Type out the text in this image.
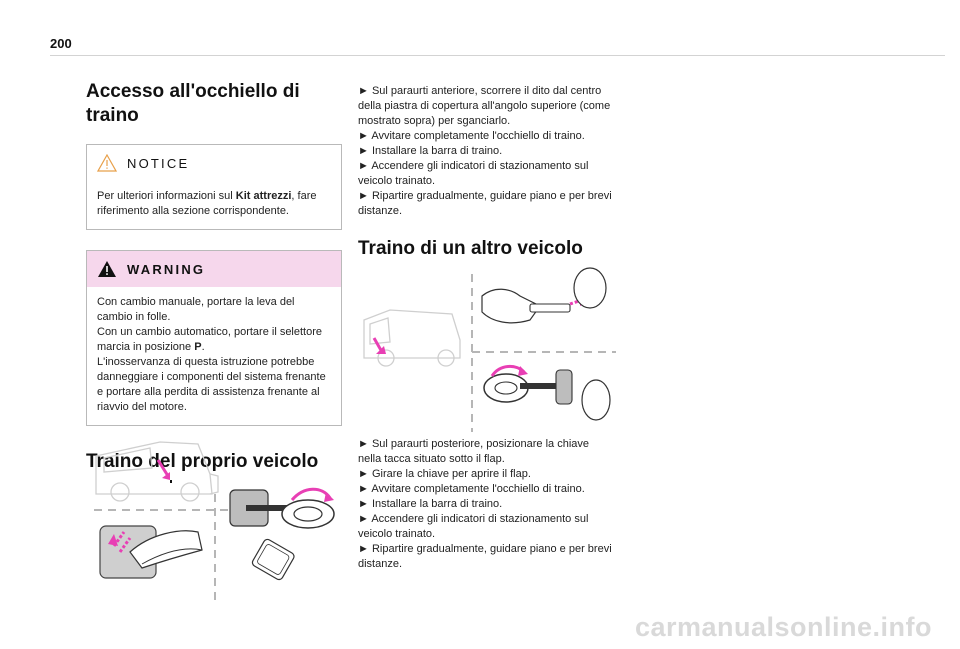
200
Accesso all'occhiello di traino
NOTICE
Per ulteriori informazioni sul Kit attrezzi, fare riferimento alla sezione corrispondente.
WARNING
Con cambio manuale, portare la leva del cambio in folle.
Con un cambio automatico, portare il selettore marcia in posizione P.
L'inosservanza di questa istruzione potrebbe danneggiare i componenti del sistema frenante e portare alla perdita di assistenza frenante al riavvio del motore.
Traino del proprio veicolo

► Sul paraurti anteriore, scorrere il dito dal centro della piastra di copertura all'angolo superiore (come mostrato sopra) per sganciarlo.

► Avvitare completamente l'occhiello di traino.

► Installare la barra di traino.

► Accendere gli indicatori di stazionamento sul veicolo trainato.

► Ripartire gradualmente, guidare piano e per brevi distanze.

Traino di un altro veicolo

► Sul paraurti posteriore, posizionare la chiave nella tacca situato sotto il flap.

► Girare la chiave per aprire il flap.

► Avvitare completamente l'occhiello di traino.

► Installare la barra di traino.

► Accendere gli indicatori di stazionamento sul veicolo trainato.

► Ripartire gradualmente, guidare piano e per brevi distanze.

carmanualsonline.info
